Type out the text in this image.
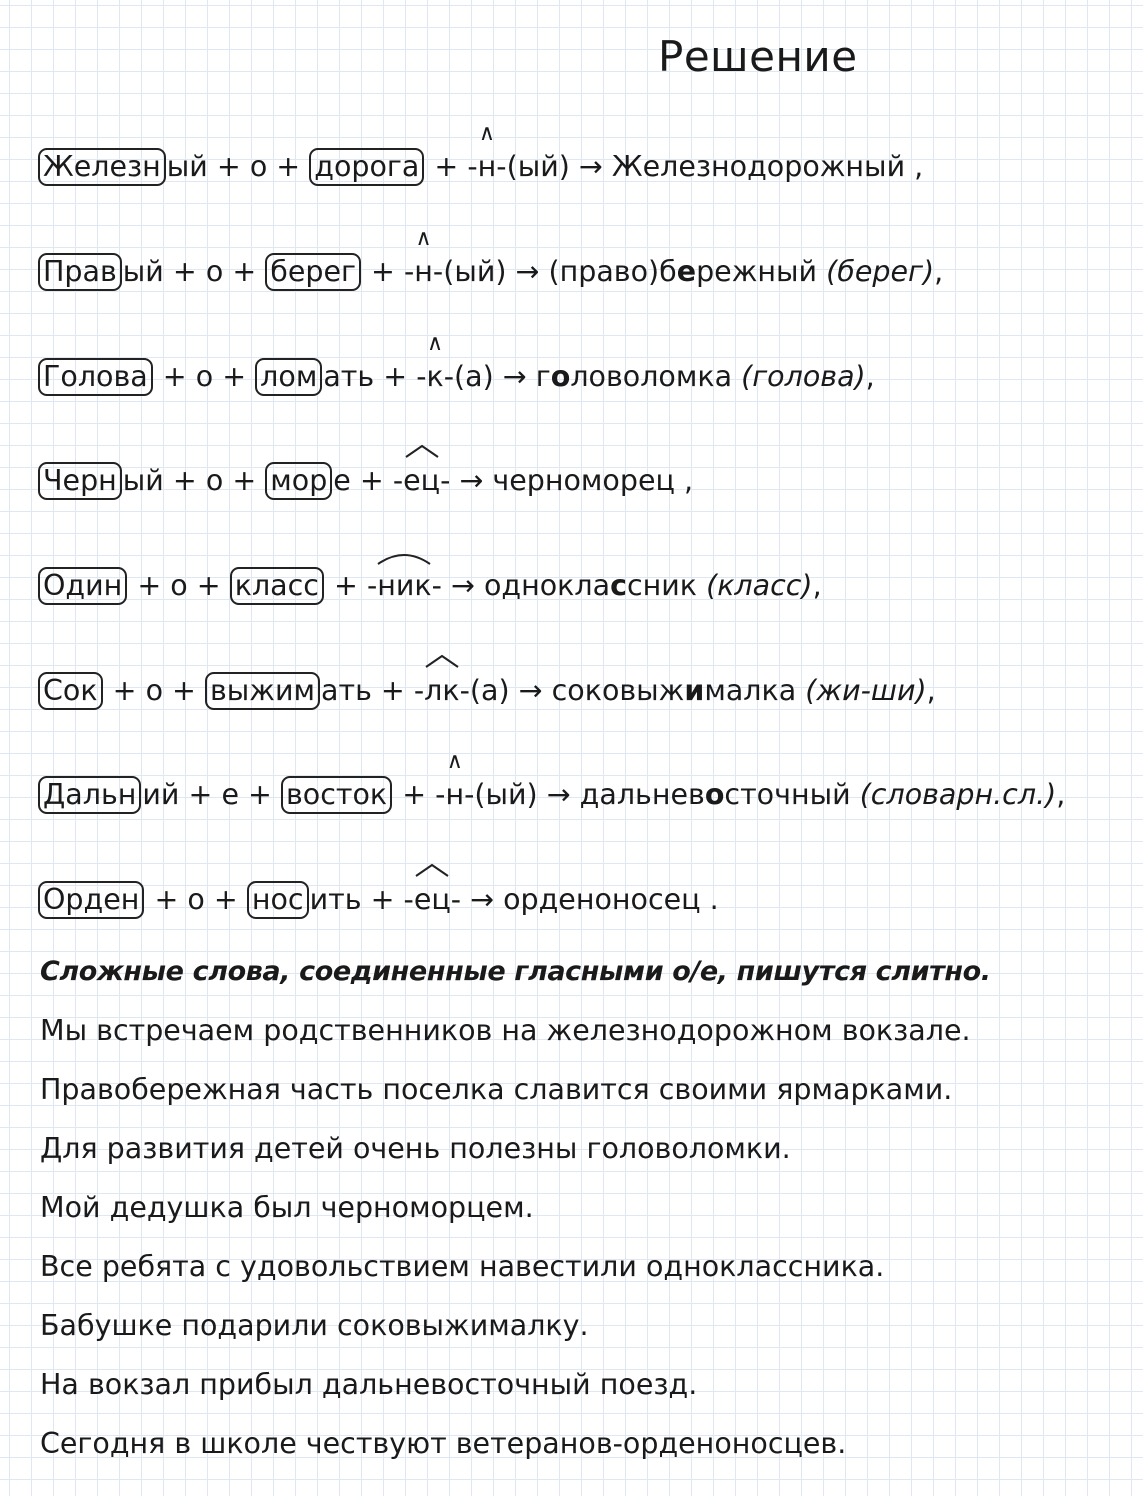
Решение
Железн ый + о + дорога + -
∧
н-(ый) → Железнодорожный ,
Прав ый + о + берег + -
∧
н-(ый) → (право)бережный (берег),
Голова + о + лом ать + -
∧
к-(а) → головоломка (голова),
Черн ый + о + мор е + -
ец- → черноморец ,
Один + о + класс + -
ник- → одноклассник (класс),
Сок + о + выжим ать + -
лк-(а) → соковыжималка (жи-ши),
Дальн ий + е + восток + -
∧
н-(ый) → дальневосточный (словарн.сл.),
Орден + о + нос ить + -
ец- → орденоносец .
Сложные слова, соединенные гласными о/е, пишутся слитно.
Мы встречаем родственников на железнодорожном вокзале.
Правобережная часть поселка славится своими ярмарками.
Для развития детей очень полезны головоломки.
Мой дедушка был черноморцем.
Все ребята с удовольствием навестили одноклассника.
Бабушке подарили соковыжималку.
На вокзал прибыл дальневосточный поезд.
Сегодня в школе чествуют ветеранов-орденоносцев.
